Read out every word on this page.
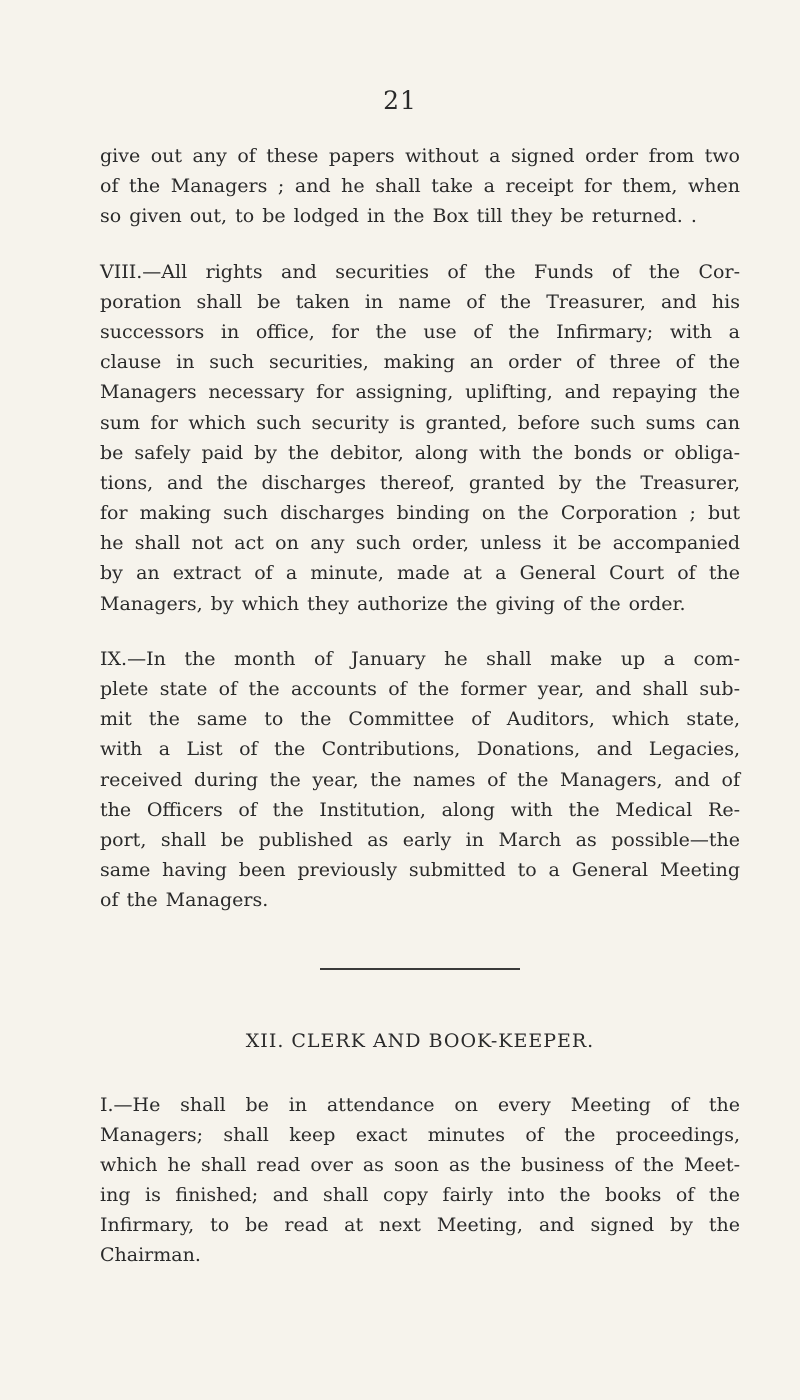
21
give out any of these papers without a signed order from two
of the Managers ; and he shall take a receipt for them, when
so given out, to be lodged in the Box till they be returned. .
VIII.—All rights and securities of the Funds of the Cor-
poration shall be taken in name of the Treasurer, and his
successors in office, for the use of the Infirmary; with a
clause in such securities, making an order of three of the
Managers necessary for assigning, uplifting, and repaying the
sum for which such security is granted, before such sums can
be safely paid by the debitor, along with the bonds or obliga-
tions, and the discharges thereof, granted by the Treasurer,
for making such discharges binding on the Corporation ; but
he shall not act on any such order, unless it be accompanied
by an extract of a minute, made at a General Court of the
Managers, by which they authorize the giving of the order.
IX.—In the month of January he shall make up a com-
plete state of the accounts of the former year, and shall sub-
mit the same to the Committee of Auditors, which state,
with a List of the Contributions, Donations, and Legacies,
received during the year, the names of the Managers, and of
the Officers of the Institution, along with the Medical Re-
port, shall be published as early in March as possible—the
same having been previously submitted to a General Meeting
of the Managers.
XII. CLERK AND BOOK-KEEPER.
I.—He shall be in attendance on every Meeting of the
Managers; shall keep exact minutes of the proceedings,
which he shall read over as soon as the business of the Meet-
ing is finished; and shall copy fairly into the books of the
Infirmary, to be read at next Meeting, and signed by the
Chairman.
